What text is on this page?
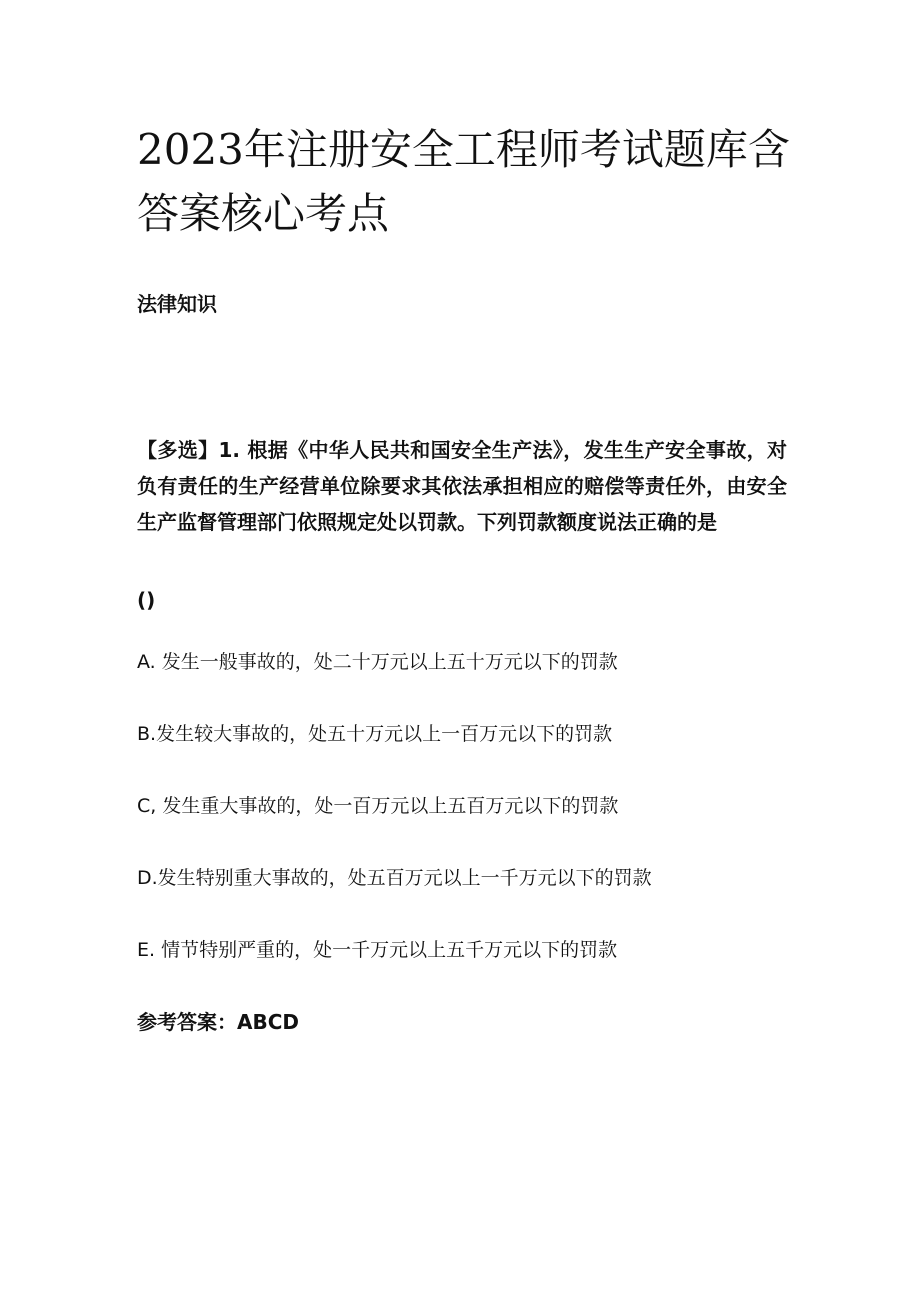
2023年注册安全工程师考试题库含答案核心考点
法律知识

【多选】1. 根据《中华人民共和国安全生产法》，发生生产安全事故，对负有责任的生产经营单位除要求其依法承担相应的赔偿等责任外，由安全生产监督管理部门依照规定处以罚款。下列罚款额度说法正确的是

()

A. 发生一般事故的，处二十万元以上五十万元以下的罚款
B.发生较大事故的，处五十万元以上一百万元以下的罚款
C, 发生重大事故的，处一百万元以上五百万元以下的罚款
D.发生特别重大事故的，处五百万元以上一千万元以下的罚款
E. 情节特别严重的，处一千万元以上五千万元以下的罚款

参考答案：ABCD
